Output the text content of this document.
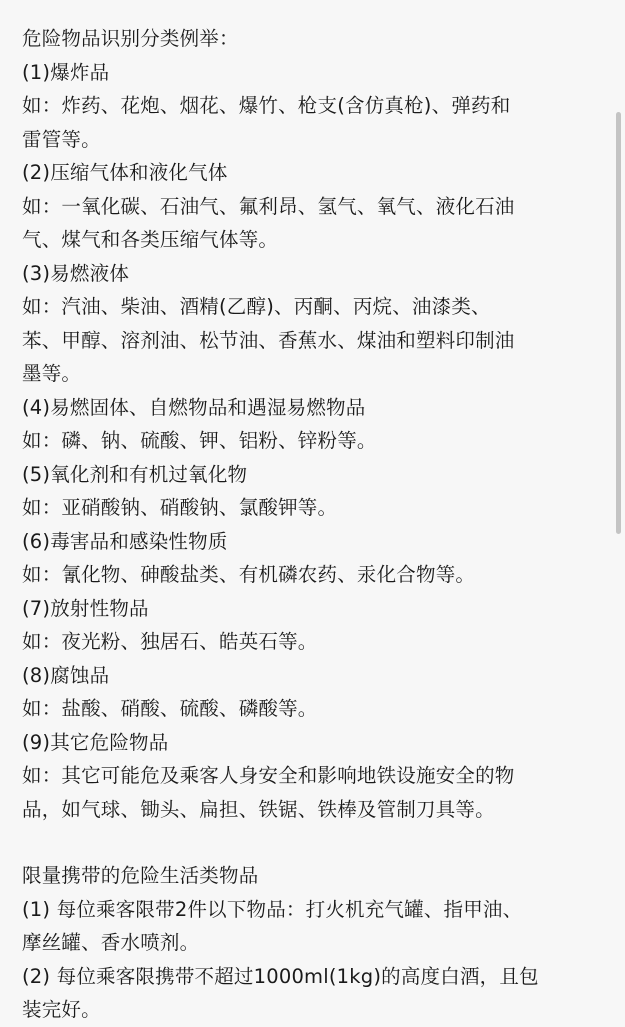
危险物品识别分类例举：
(1)爆炸品
如：炸药、花炮、烟花、爆竹、枪支(含仿真枪)、弹药和
雷管等。
(2)压缩气体和液化气体
如：一氧化碳、石油气、氟利昂、氢气、氧气、液化石油
气、煤气和各类压缩气体等。
(3)易燃液体
如：汽油、柴油、酒精(乙醇)、丙酮、丙烷、油漆类、
苯、甲醇、溶剂油、松节油、香蕉水、煤油和塑料印制油
墨等。
(4)易燃固体、自燃物品和遇湿易燃物品
如：磷、钠、硫酸、钾、铝粉、锌粉等。
(5)氧化剂和有机过氧化物
如：亚硝酸钠、硝酸钠、氯酸钾等。
(6)毒害品和感染性物质
如：氰化物、砷酸盐类、有机磷农药、汞化合物等。
(7)放射性物品
如：夜光粉、独居石、皓英石等。
(8)腐蚀品
如：盐酸、硝酸、硫酸、磷酸等。
(9)其它危险物品
如：其它可能危及乘客人身安全和影响地铁设施安全的物
品，如气球、锄头、扁担、铁锯、铁棒及管制刀具等。
限量携带的危险生活类物品
(1) 每位乘客限带2件以下物品：打火机充气罐、指甲油、
摩丝罐、香水喷剂。
(2) 每位乘客限携带不超过1000ml(1kg)的高度白酒，且包
装完好。
